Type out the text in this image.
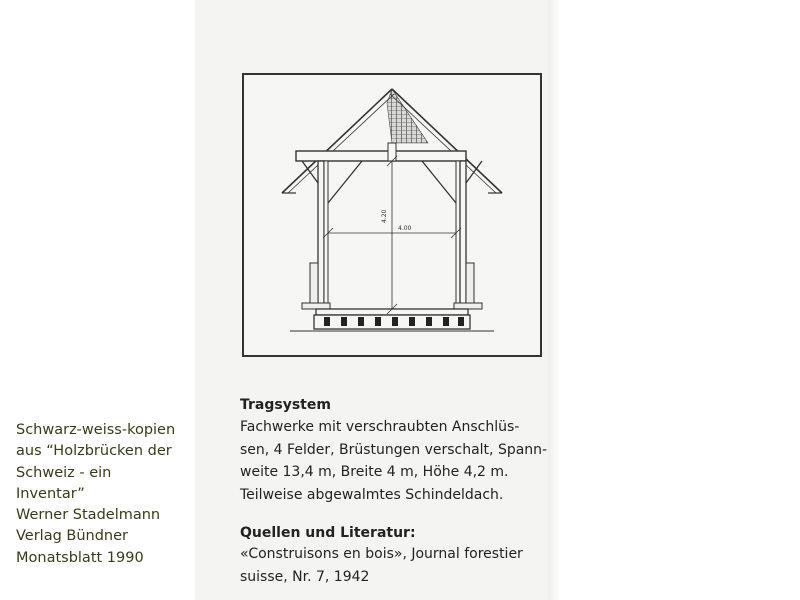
4.20
4.00
Schwarz-weiss-kopien
aus “Holzbrücken der
Schweiz - ein
Inventar”
Werner Stadelmann
Verlag Bündner
Monatsblatt 1990
Tragsystem
Fachwerke mit verschraubten Anschlüs-
sen, 4 Felder, Brüstungen verschalt, Spann-
weite 13,4 m, Breite 4 m, Höhe 4,2 m.
Teilweise abgewalmtes Schindeldach.
Quellen und Literatur:
«Construisons en bois», Journal forestier
suisse, Nr. 7, 1942
